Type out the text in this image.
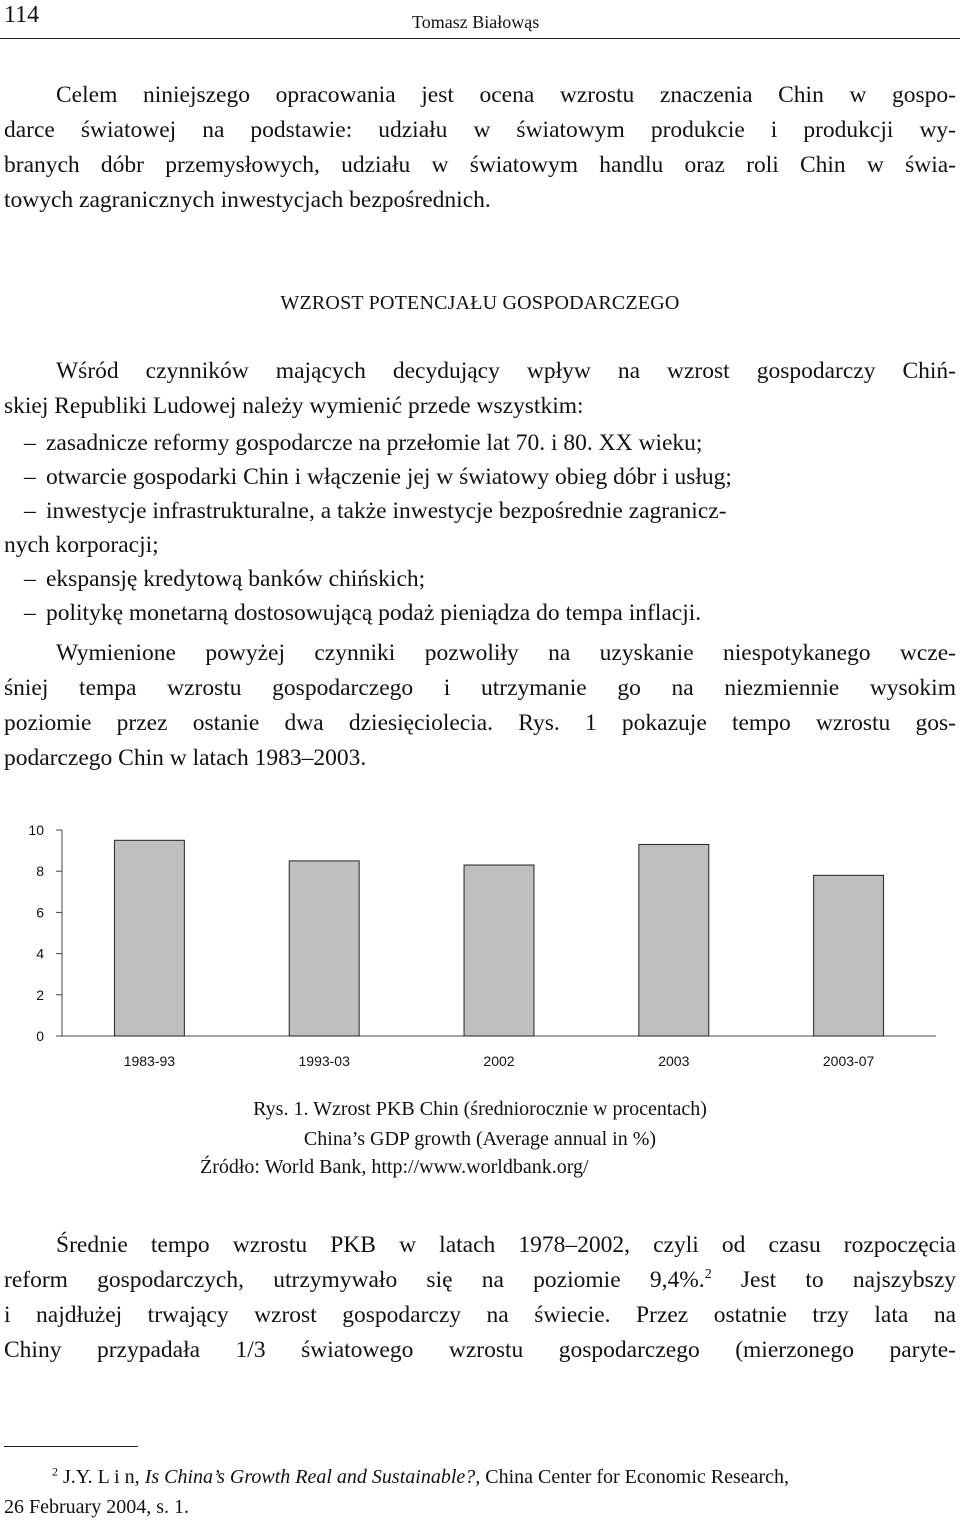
114	Tomasz Białowąs
Celem niniejszego opracowania jest ocena wzrostu znaczenia Chin w gospo-
darce światowej na podstawie: udziału w światowym produkcie i produkcji wy-
branych dóbr przemysłowych, udziału w światowym handlu oraz roli Chin w świa-
towych zagranicznych inwestycjach bezpośrednich.
WZROST POTENCJAŁU GOSPODARCZEGO
Wśród czynników mających decydujący wpływ na wzrost gospodarczy Chiń-
skiej Republiki Ludowej należy wymienić przede wszystkim:
– zasadnicze reformy gospodarcze na przełomie lat 70. i 80. XX wieku;
– otwarcie gospodarki Chin i włączenie jej w światowy obieg dóbr i usług;
– inwestycje infrastrukturalne, a także inwestycje bezpośrednie zagranicz-
nych korporacji;
– ekspansję kredytową banków chińskich;
– politykę monetarną dostosowującą podaż pieniądza do tempa inflacji.
Wymienione powyżej czynniki pozwoliły na uzyskanie niespotykanego wcze-
śniej tempa wzrostu gospodarczego i utrzymanie go na niezmiennie wysokim
poziomie przez ostanie dwa dziesięciolecia. Rys. 1 pokazuje tempo wzrostu gos-
podarczego Chin w latach 1983–2003.
0
2
4
6
8
10
1983-93	1993-03	2002	2003	2003-07
Rys. 1. Wzrost PKB Chin (średniorocznie w procentach)
China’s GDP growth (Average annual in %)
Źródło: World Bank, http://www.worldbank.org/
Średnie tempo wzrostu PKB w latach 1978–2002, czyli od czasu rozpoczęcia
reform gospodarczych, utrzymywało się na poziomie 9,4%.$^2$ Jest to najszybszy
i najdłużej trwający wzrost gospodarczy na świecie. Przez ostatnie trzy lata na
Chiny przypadała 1/3 światowego wzrostu gospodarczego (mierzonego paryte-
$^2$ J.Y. L i n, Is China’s Growth Real and Sustainable?, China Center for Economic Research,
26 February 2004, s. 1.
